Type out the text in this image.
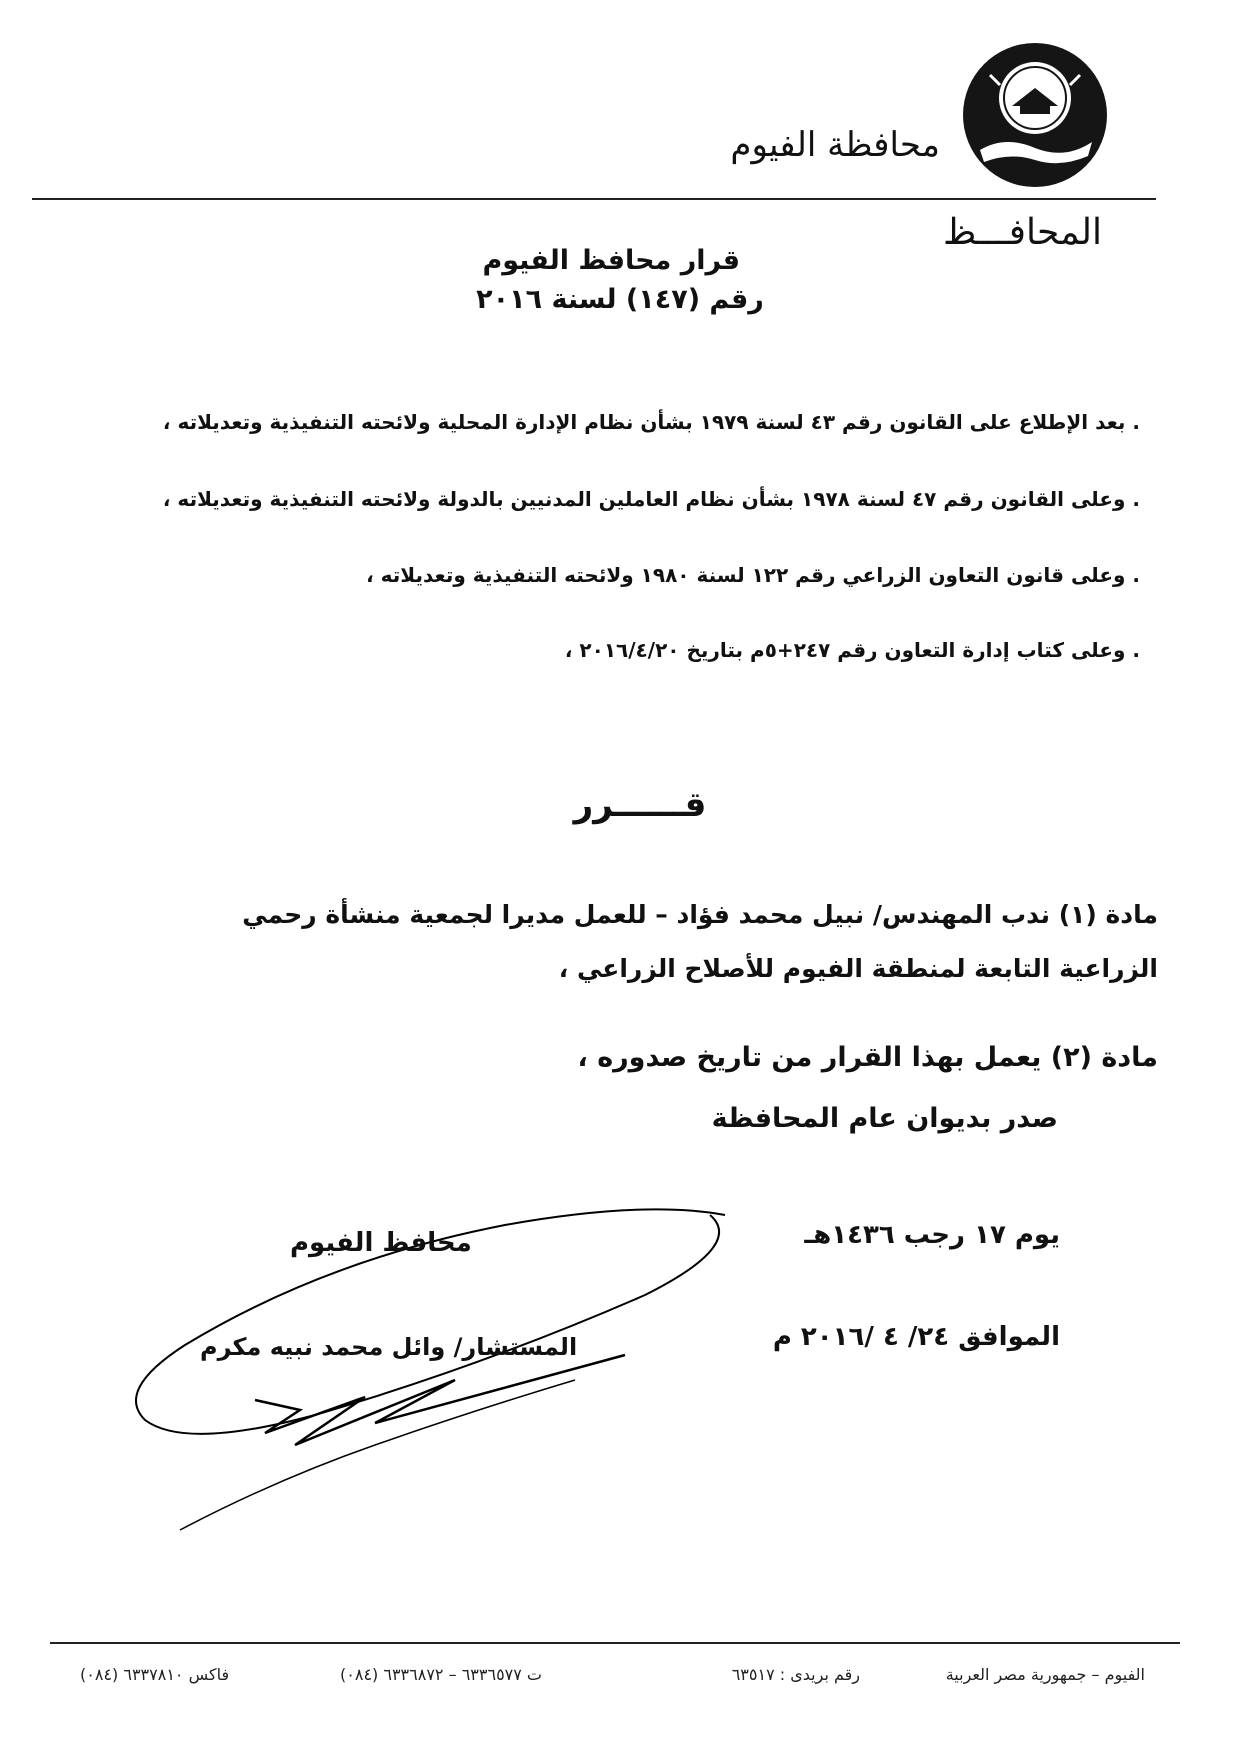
محافظة الفيوم
المحافـــظ
قرار محافظ الفيوم
رقم (١٤٧) لسنة ٢٠١٦
. بعد الإطلاع على القانون رقم ٤٣ لسنة ١٩٧٩ بشأن نظام الإدارة المحلية ولائحته التنفيذية وتعديلاته ،
. وعلى القانون رقم ٤٧ لسنة ١٩٧٨ بشأن نظام العاملين المدنيين بالدولة ولائحته التنفيذية وتعديلاته ،
. وعلى قانون التعاون الزراعي رقم ١٢٢ لسنة ١٩٨٠ ولائحته التنفيذية وتعديلاته ،
. وعلى كتاب إدارة التعاون رقم ٢٤٧+٥م بتاريخ ٢٠١٦/٤/٢٠ ،
قــــــرر
مادة (١) ندب المهندس/ نبيل محمد فؤاد – للعمل مديرا لجمعية منشأة رحمي الزراعية التابعة لمنطقة الفيوم للأصلاح الزراعي ،
مادة (٢) يعمل بهذا القرار من تاريخ صدوره ،
صدر بديوان عام المحافظة
محافظ الفيوم
المستشار/ وائل محمد نبيه مكرم
يوم ١٧ رجب ١٤٣٦هـ
الموافق ٢٤/ ٤ /٢٠١٦ م
الفيوم – جمهورية مصر العربية
رقم بريدى : ٦٣٥١٧
ت ٦٣٣٦٥٧٧ – ٦٣٣٦٨٧٢ (٠٨٤)
فاكس ٦٣٣٧٨١٠ (٠٨٤)
